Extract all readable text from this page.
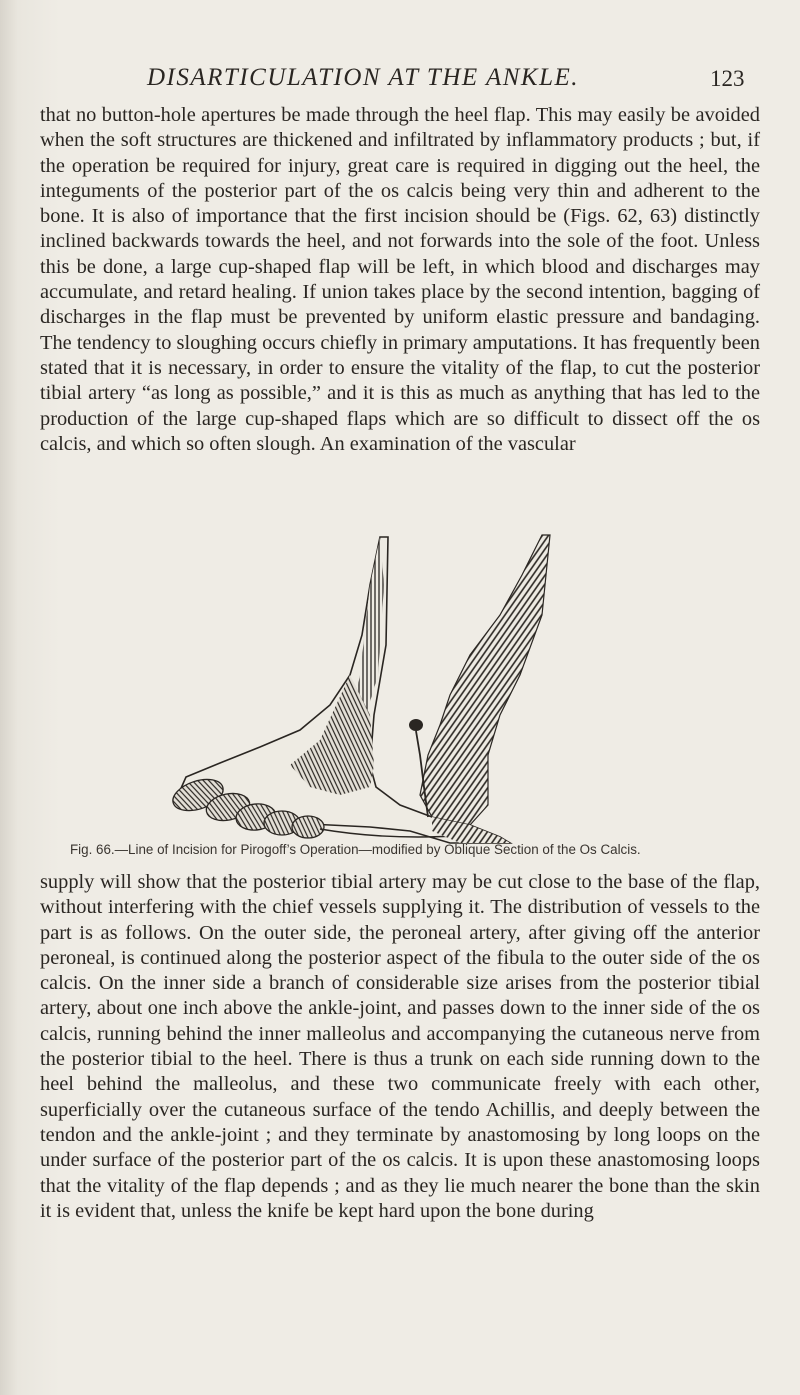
DISARTICULATION AT THE ANKLE.	123

that no button-hole apertures be made through the heel flap. This may easily be avoided when the soft structures are thickened and infiltrated by inflammatory products ; but, if the operation be required for injury, great care is required in digging out the heel, the integuments of the posterior part of the os calcis being very thin and adherent to the bone. It is also of importance that the first incision should be (Figs. 62, 63) distinctly inclined backwards towards the heel, and not forwards into the sole of the foot. Unless this be done, a large cup-shaped flap will be left, in which blood and discharges may accumulate, and retard healing. If union takes place by the second intention, bagging of discharges in the flap must be prevented by uniform elastic pressure and bandaging. The tendency to sloughing occurs chiefly in primary amputations. It has frequently been stated that it is necessary, in order to ensure the vitality of the flap, to cut the posterior tibial artery “as long as possible,” and it is this as much as anything that has led to the production of the large cup-shaped flaps which are so difficult to dissect off the os calcis, and which so often slough. An examination of the vascular

Fig. 66.—Line of Incision for Pirogoff’s Operation—modified by Oblique Section of the Os Calcis.

supply will show that the posterior tibial artery may be cut close to the base of the flap, without interfering with the chief vessels supplying it. The distribution of vessels to the part is as follows. On the outer side, the peroneal artery, after giving off the anterior peroneal, is continued along the posterior aspect of the fibula to the outer side of the os calcis. On the inner side a branch of considerable size arises from the posterior tibial artery, about one inch above the ankle-joint, and passes down to the inner side of the os calcis, running behind the inner malleolus and accompanying the cutaneous nerve from the posterior tibial to the heel. There is thus a trunk on each side running down to the heel behind the malleolus, and these two communicate freely with each other, superficially over the cutaneous surface of the tendo Achillis, and deeply between the tendon and the ankle-joint ; and they terminate by anastomosing by long loops on the under surface of the posterior part of the os calcis. It is upon these anastomosing loops that the vitality of the flap depends ; and as they lie much nearer the bone than the skin it is evident that, unless the knife be kept hard upon the bone during
